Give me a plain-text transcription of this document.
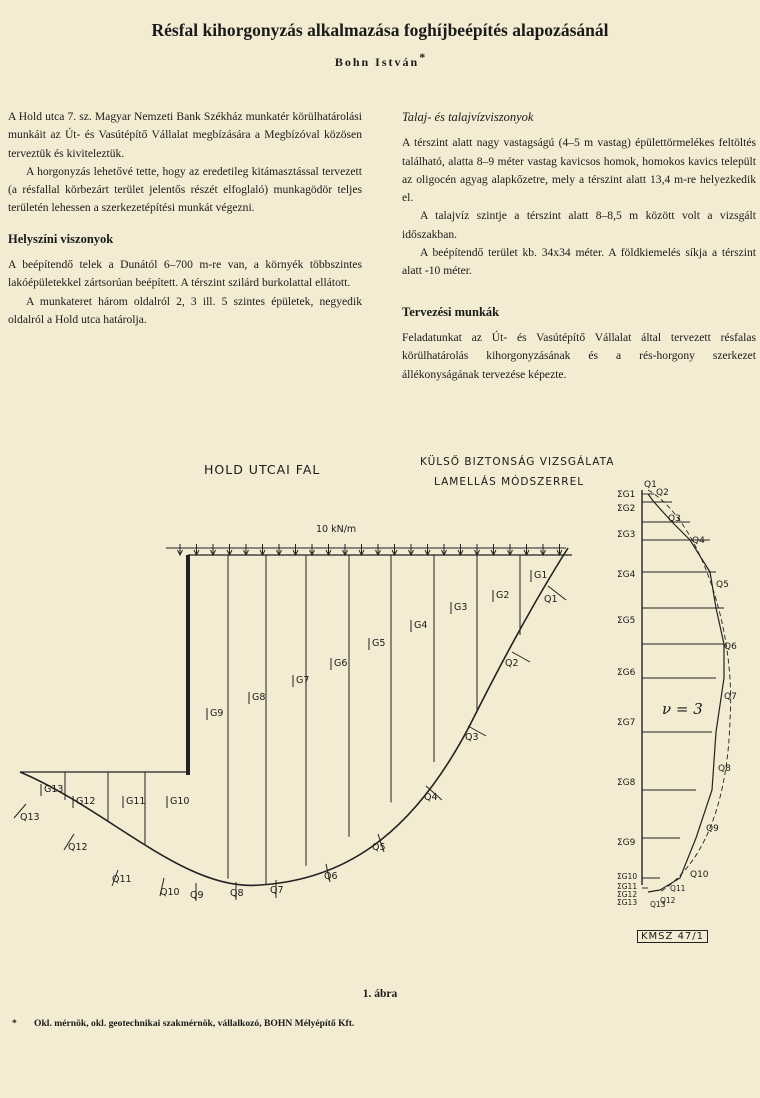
Résfal kihorgonyzás alkalmazása foghíjbeépítés alapozásánál
Bohn István*

A Hold utca 7. sz. Magyar Nemzeti Bank Székház munkatér körülhatárolási munkáit az Út- és Vasútépítő Vállalat megbízására a Megbízóval közösen terveztük és kiviteleztük.

A horgonyzás lehetővé tette, hogy az eredetileg kitámasztással tervezett (a résfallal körbezárt terület jelentős részét elfoglaló) munkagödör teljes területén lehessen a szerkezetépítési munkát végezni.

Helyszíni viszonyok

A beépítendő telek a Dunától 6–700 m-re van, a környék többszintes lakóépületekkel zártsorúan beépített. A térszint szilárd burkolattal ellátott.

A munkateret három oldalról 2, 3 ill. 5 szintes épületek, negyedik oldalról a Hold utca határolja.

Talaj- és talajvízviszonyok

A térszint alatt nagy vastagságú (4–5 m vastag) épülettörmelékes feltöltés található, alatta 8–9 méter vastag kavicsos homok, homokos kavics települt az oligocén agyag alapkőzetre, mely a térszint alatt 13,4 m-re helyezkedik el.

A talajvíz szintje a térszint alatt 8–8,5 m között volt a vizsgált időszakban.

A beépítendő terület kb. 34x34 méter. A földkiemelés síkja a térszint alatt -10 méter.

Tervezési munkák

Feladatunkat az Út- és Vasútépítő Vállalat által tervezett résfalas körülhatárolás kihorgonyzásának és a rés-horgony szerkezet állékonyságának tervezése képezte.

HOLD UTCAI FAL	KÜLSŐ BIZTONSÁG VIZSGÁLATA
LAMELLÁS MÓDSZERREL
10 kN/m
G1
G2
G3
G4
G5
G6
G7
G8
G9
G10
G11
G12
G13
Q1
Q2
Q3
Q4
Q5
Q6
Q7
Q8
Q9
Q10
Q11
Q12
Q13
ΣG1
ΣG2
ΣG3
ΣG4
ΣG5
ΣG6
ΣG7
ΣG8
ΣG9
ΣG10
ΣG11
ΣG12
ΣG13
Q1
Q2
Q3
Q4
Q5
Q6
Q7
Q8
Q9
Q10
Q11
Q12
Q13
ν = 3
KMSZ 47/1
1. ábra
* Okl. mérnök, okl. geotechnikai szakmérnök, vállalkozó, BOHN Mélyépítő Kft.
